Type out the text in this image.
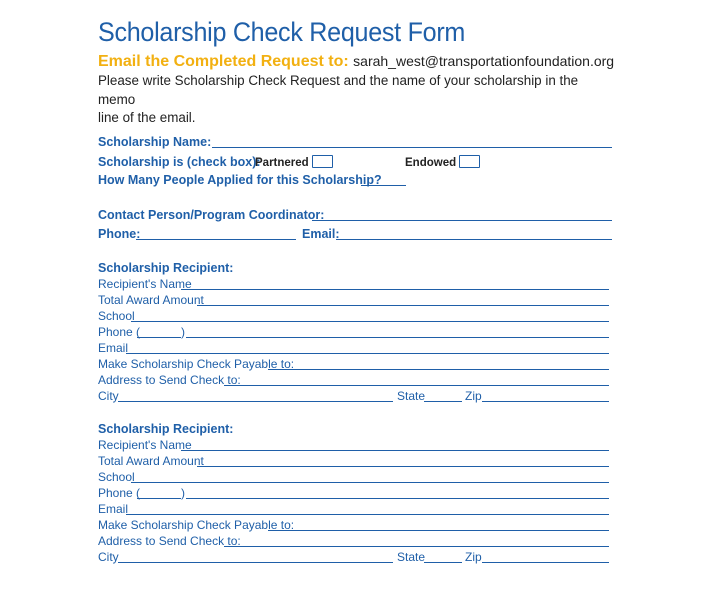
Scholarship Check Request Form
Email the Completed Request to: sarah_west@transportationfoundation.org
Please write Scholarship Check Request and the name of your scholarship in the memo
line of the email.
Scholarship Name:
Scholarship is (check box):
Partnered	Endowed
How Many People Applied for this Scholarship?
Contact Person/Program Coordinator:
Phone:	Email:
Scholarship Recipient:
Recipient's Name
Total Award Amount
School
Phone (	)
Email
Make Scholarship Check Payable to:
Address to Send Check to:
City	State	Zip
Scholarship Recipient:
Recipient's Name
Total Award Amount
School
Phone (	)
Email
Make Scholarship Check Payable to:
Address to Send Check to:
City	State	Zip
